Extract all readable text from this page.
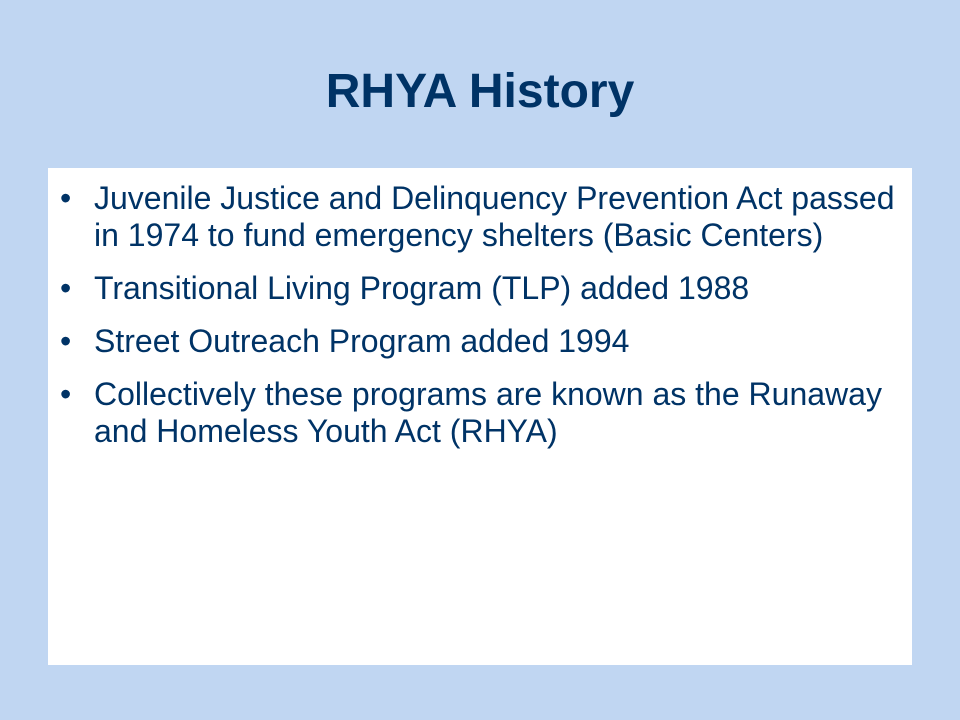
RHYA History
• Juvenile Justice and Delinquency Prevention Act passed in 1974 to fund emergency shelters (Basic Centers)
• Transitional Living Program (TLP) added 1988
• Street Outreach Program added 1994
• Collectively these programs are known as the Runaway and Homeless Youth Act (RHYA)
